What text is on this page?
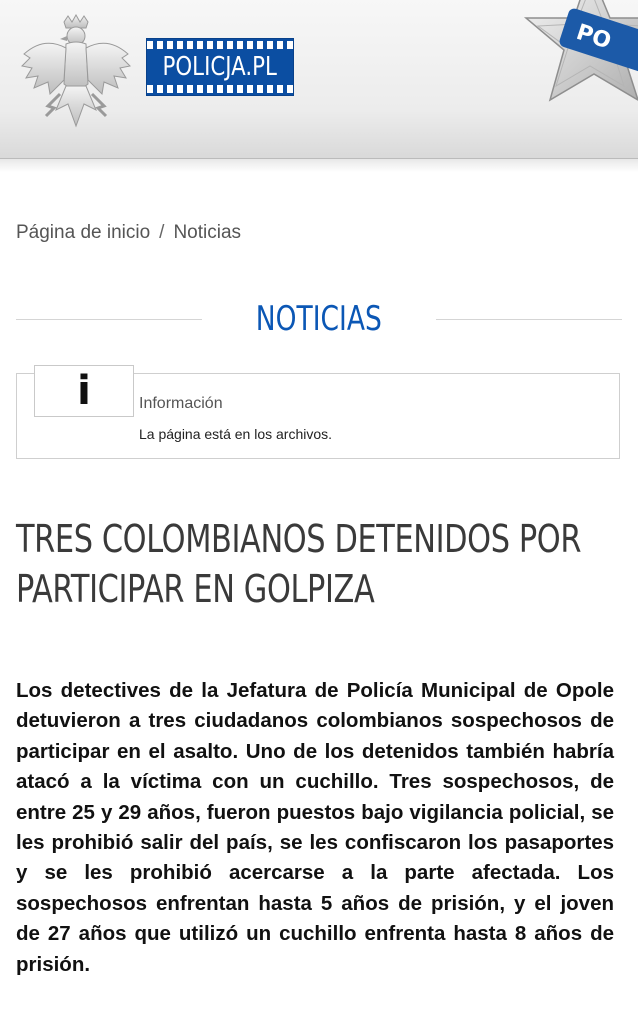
POLICJA.PL
PO
Página de inicio / Noticias
NOTICIAS
i	Información
La página está en los archivos.
TRES COLOMBIANOS DETENIDOS POR PARTICIPAR EN GOLPIZA

Los detectives de la Jefatura de Policía Municipal de Opole detuvieron a tres ciudadanos colombianos sospechosos de participar en el asalto. Uno de los detenidos también habría atacó a la víctima con un cuchillo. Tres sospechosos, de entre 25 y 29 años, fueron puestos bajo vigilancia policial, se les prohibió salir del país, se les confiscaron los pasaportes y se les prohibió acercarse a la parte afectada. Los sospechosos enfrentan hasta 5 años de prisión, y el joven de 27 años que utilizó un cuchillo enfrenta hasta 8 años de prisión.
